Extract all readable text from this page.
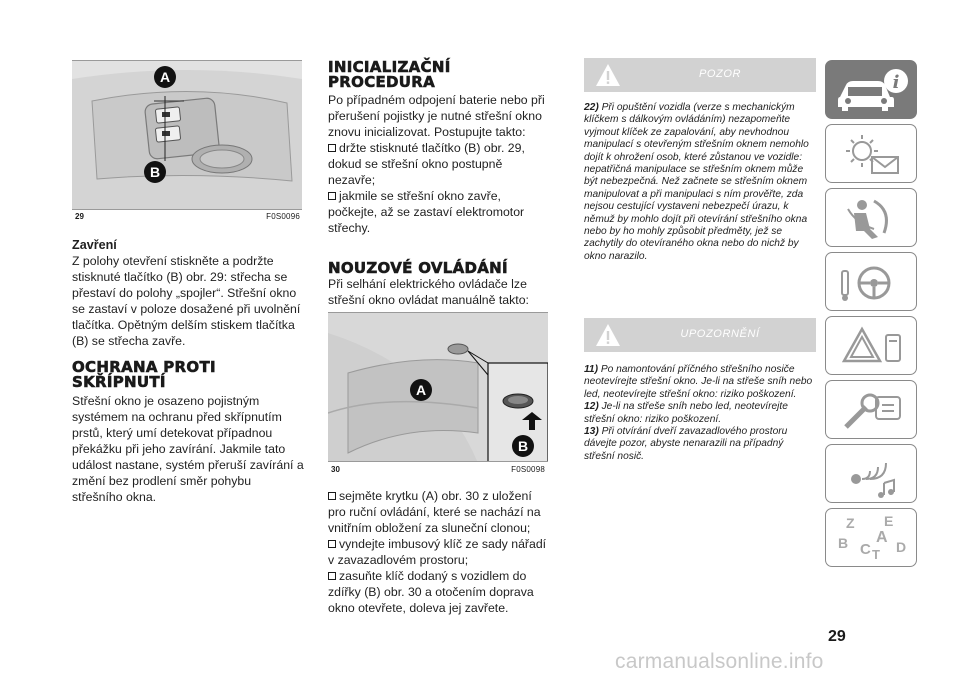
A
B
29	F0S0096
Zavření
Z polohy otevření stiskněte a podržte stisknuté tlačítko (B) obr. 29: střecha se přestaví do polohy „spojler“. Střešní okno se zastaví v poloze dosažené při uvolnění tlačítka. Opětným delším stiskem tlačítka (B) se střecha zavře.
OCHRANA PROTI SKŘÍPNUTÍ
Střešní okno je osazeno pojistným systémem na ochranu před skřípnutím prstů, který umí detekovat případnou překážku při jeho zavírání. Jakmile tato událost nastane, systém přeruší zavírání a změní bez prodlení směr pohybu střešního okna.
INICIALIZAČNÍ PROCEDURA
Po případném odpojení baterie nebo při přerušení pojistky je nutné střešní okno znovu inicializovat. Postupujte takto:
držte stisknuté tlačítko (B) obr. 29, dokud se střešní okno postupně nezavře;
jakmile se střešní okno zavře, počkejte, až se zastaví elektromotor střechy.
NOUZOVÉ OVLÁDÁNÍ
Při selhání elektrického ovládače lze střešní okno ovládat manuálně takto:
A
B
30	F0S0098
sejměte krytku (A) obr. 30 z uložení pro ruční ovládání, které se nachází na vnitřním obložení za sluneční clonou;
vyndejte imbusový klíč ze sady nářadí v zavazadlovém prostoru;
zasuňte klíč dodaný s vozidlem do zdířky (B) obr. 30 a otočením doprava okno otevřete, doleva jej zavřete.
POZOR
22) Při opuštění vozidla (verze s mechanickým klíčkem s dálkovým ovládáním) nezapomeňte vyjmout klíček ze zapalování, aby nevhodnou manipulací s otevřeným střešním oknem nemohlo dojít k ohrožení osob, které zůstanou ve vozidle: nepatřičná manipulace se střešním oknem může být nebezpečná. Než začnete se střešním oknem manipulovat a při manipulaci s ním prověřte, zda nejsou cestující vystaveni nebezpečí úrazu, k němuž by mohlo dojít při otevírání střešního okna nebo by ho mohly způsobit předměty, jež se zachytily do otevíraného okna nebo do nichž by okno narazilo.
UPOZORNĚNÍ
11) Po namontování příčného střešního nosiče neotevírejte střešní okno. Je-li na střeše sníh nebo led, neotevírejte střešní okno: riziko poškození.
12) Je-li na střeše sníh nebo led, neotevírejte střešní okno: riziko poškození.
13) Při otvírání dveří zavazadlového prostoru dávejte pozor, abyste nenarazili na případný střešní nosič.
i
Z E
B A
C D
T
29
carmanualsonline.info
